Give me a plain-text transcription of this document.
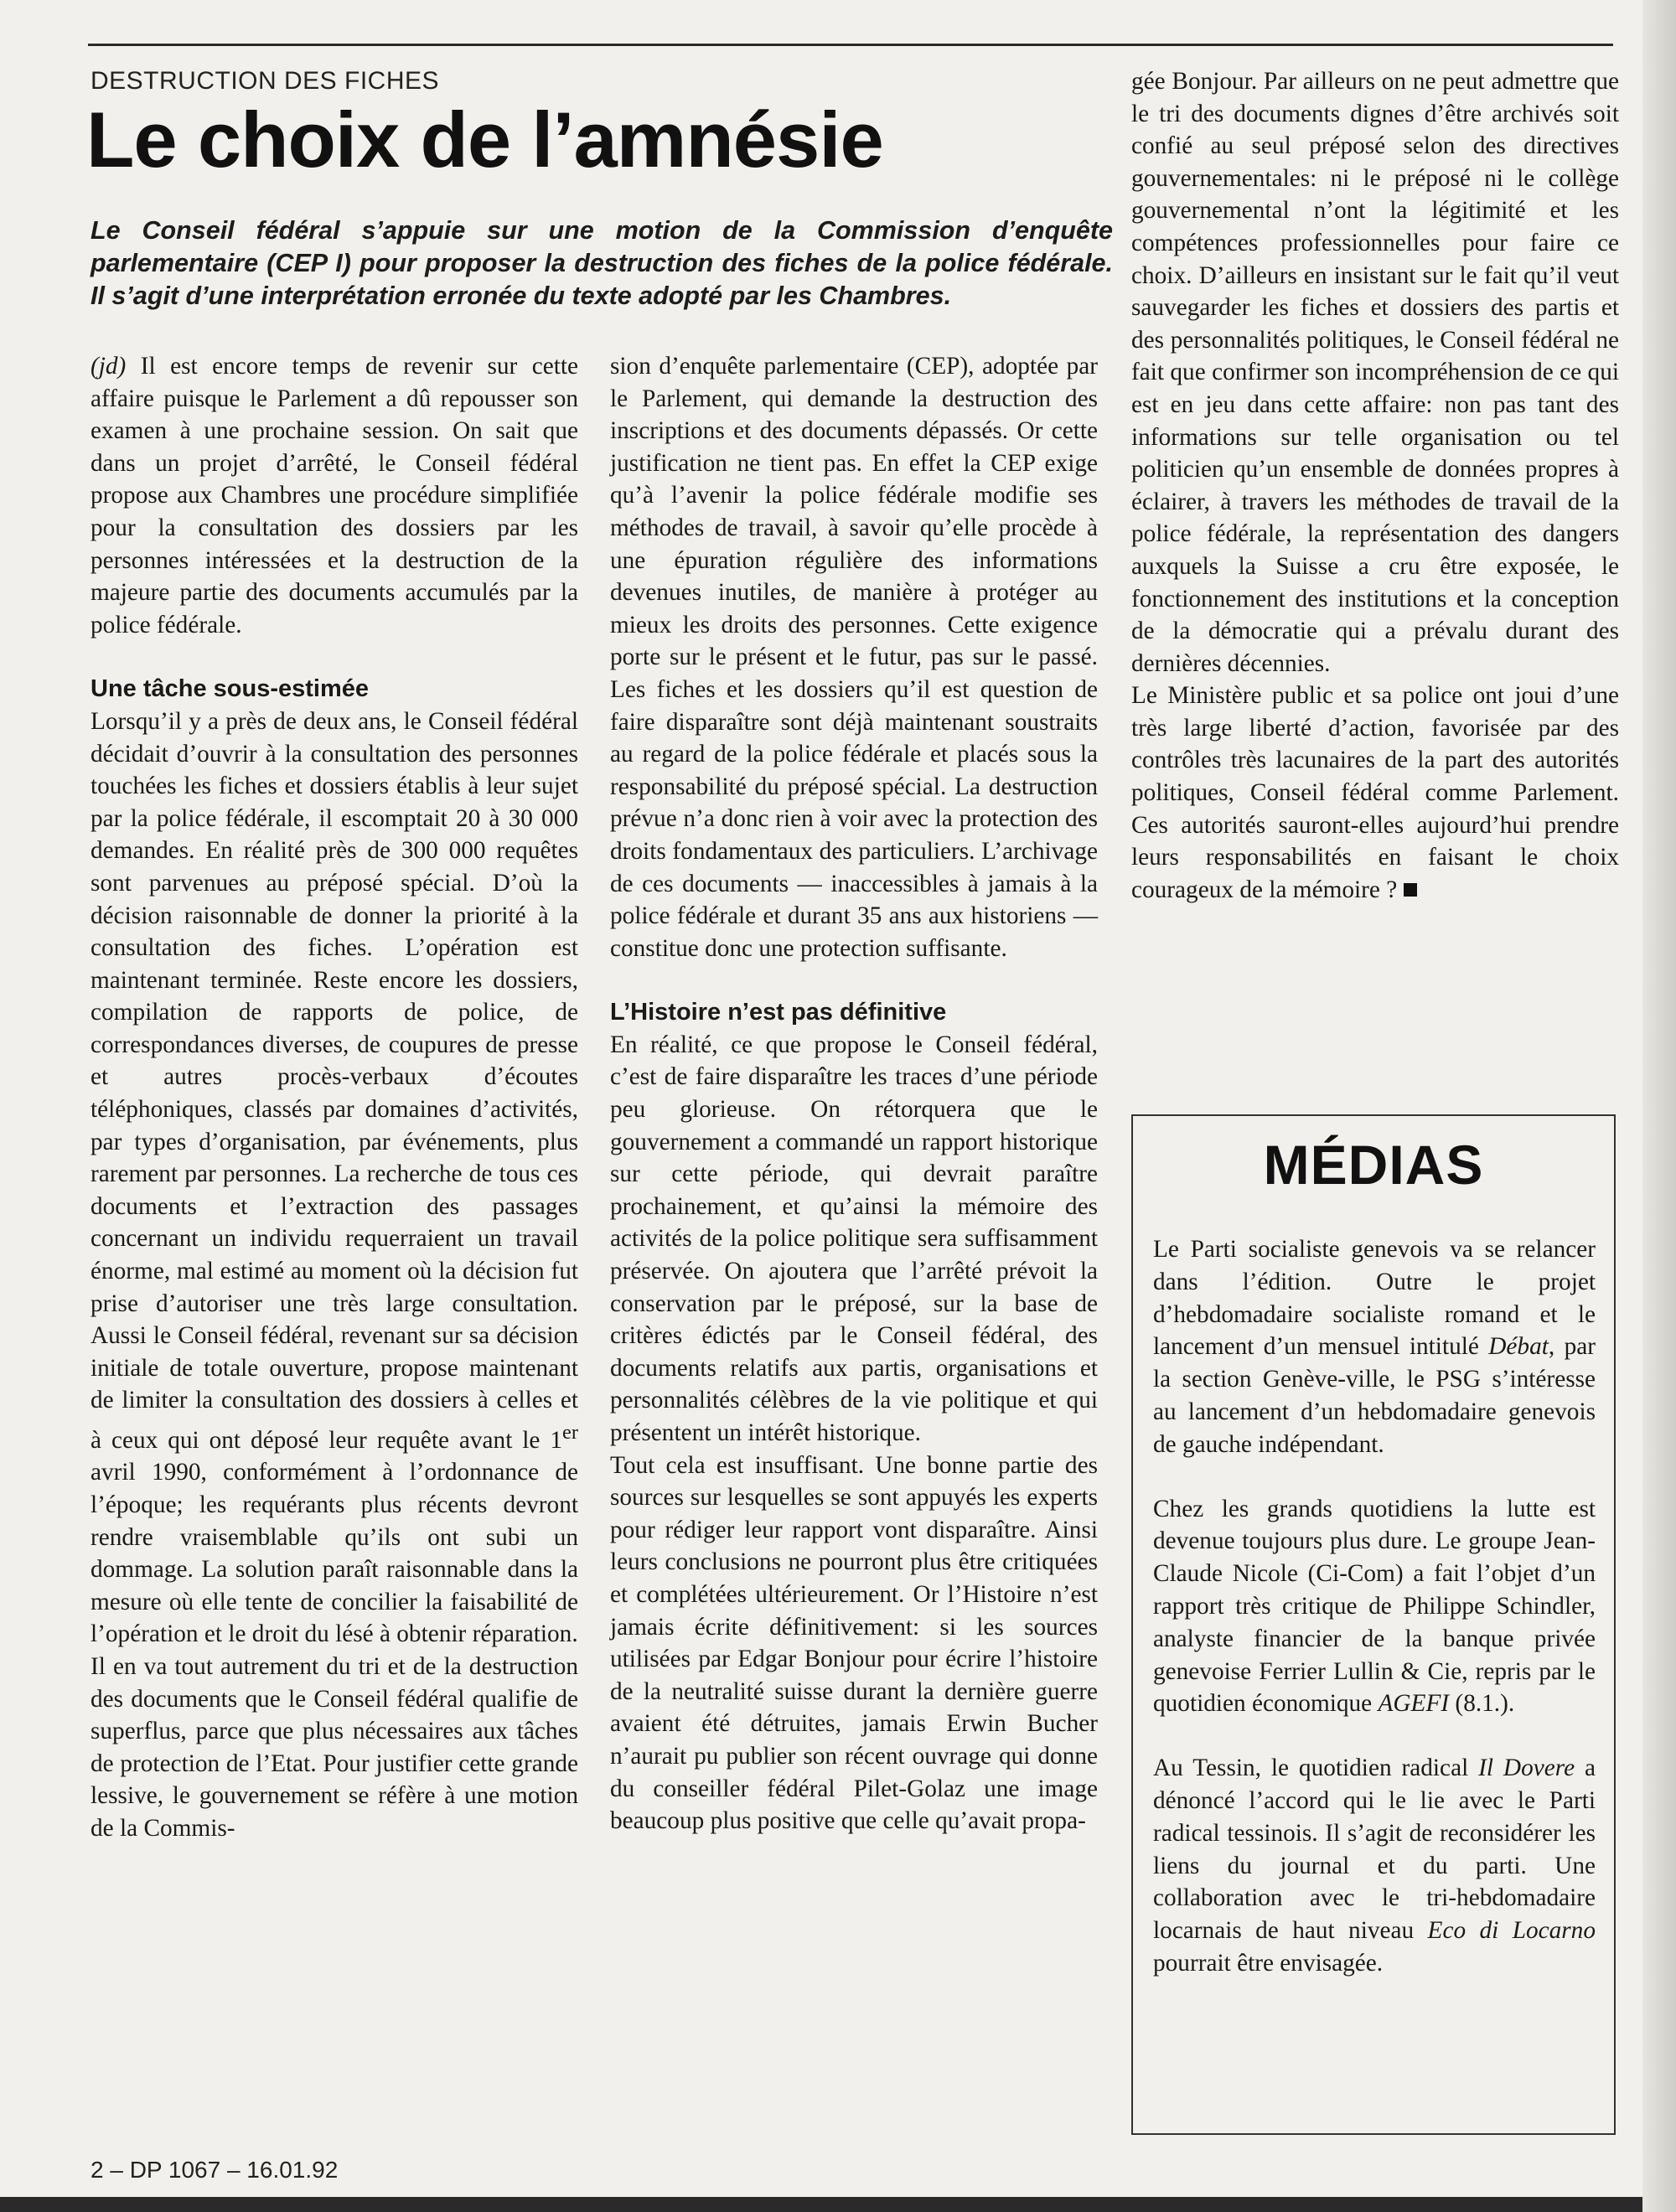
DESTRUCTION DES FICHES
Le choix de l’amnésie

Le Conseil fédéral s’appuie sur une motion de la Commission d’enquête parlementaire (CEP I) pour proposer la destruction des fiches de la police fédérale. Il s’agit d’une interprétation erronée du texte adopté par les Chambres.

(jd) Il est encore temps de revenir sur cette affaire puisque le Parlement a dû repousser son examen à une prochaine session. On sait que dans un projet d’arrêté, le Conseil fédéral propose aux Chambres une procédure simplifiée pour la consultation des dossiers par les personnes intéressées et la destruction de la majeure partie des documents accumulés par la police fédérale.

Une tâche sous-estimée

Lorsqu’il y a près de deux ans, le Conseil fédéral décidait d’ouvrir à la consultation des personnes touchées les fiches et dossiers établis à leur sujet par la police fédérale, il escomptait 20 à 30 000 demandes. En réalité près de 300 000 requêtes sont parvenues au préposé spécial. D’où la décision raisonnable de donner la priorité à la consultation des fiches. L’opération est maintenant terminée. Reste encore les dossiers, compilation de rapports de police, de correspondances diverses, de coupures de presse et autres procès-verbaux d’écoutes téléphoniques, classés par domaines d’activités, par types d’organisation, par événements, plus rarement par personnes. La recherche de tous ces documents et l’extraction des passages concernant un individu requerraient un travail énorme, mal estimé au moment où la décision fut prise d’autoriser une très large consultation. Aussi le Conseil fédéral, revenant sur sa décision initiale de totale ouverture, propose maintenant de limiter la consultation des dossiers à celles et à ceux qui ont déposé leur requête avant le 1er avril 1990, conformément à l’ordonnance de l’époque; les requérants plus récents devront rendre vraisemblable qu’ils ont subi un dommage. La solution paraît raisonnable dans la mesure où elle tente de concilier la faisabilité de l’opération et le droit du lésé à obtenir réparation.

Il en va tout autrement du tri et de la destruction des documents que le Conseil fédéral qualifie de superflus, parce que plus nécessaires aux tâches de protection de l’Etat. Pour justifier cette grande lessive, le gouvernement se réfère à une motion de la Commis-

sion d’enquête parlementaire (CEP), adoptée par le Parlement, qui demande la destruction des inscriptions et des documents dépassés. Or cette justification ne tient pas. En effet la CEP exige qu’à l’avenir la police fédérale modifie ses méthodes de travail, à savoir qu’elle procède à une épuration régulière des informations devenues inutiles, de manière à protéger au mieux les droits des personnes. Cette exigence porte sur le présent et le futur, pas sur le passé. Les fiches et les dossiers qu’il est question de faire disparaître sont déjà maintenant soustraits au regard de la police fédérale et placés sous la responsabilité du préposé spécial. La destruction prévue n’a donc rien à voir avec la protection des droits fondamentaux des particuliers. L’archivage de ces documents — inaccessibles à jamais à la police fédérale et durant 35 ans aux historiens — constitue donc une protection suffisante.

L’Histoire n’est pas définitive

En réalité, ce que propose le Conseil fédéral, c’est de faire disparaître les traces d’une période peu glorieuse. On rétorquera que le gouvernement a commandé un rapport historique sur cette période, qui devrait paraître prochainement, et qu’ainsi la mémoire des activités de la police politique sera suffisamment préservée. On ajoutera que l’arrêté prévoit la conservation par le préposé, sur la base de critères édictés par le Conseil fédéral, des documents relatifs aux partis, organisations et personnalités célèbres de la vie politique et qui présentent un intérêt historique.

Tout cela est insuffisant. Une bonne partie des sources sur lesquelles se sont appuyés les experts pour rédiger leur rapport vont disparaître. Ainsi leurs conclusions ne pourront plus être critiquées et complétées ultérieurement. Or l’Histoire n’est jamais écrite définitivement: si les sources utilisées par Edgar Bonjour pour écrire l’histoire de la neutralité suisse durant la dernière guerre avaient été détruites, jamais Erwin Bucher n’aurait pu publier son récent ouvrage qui donne du conseiller fédéral Pilet-Golaz une image beaucoup plus positive que celle qu’avait propa-

gée Bonjour. Par ailleurs on ne peut admettre que le tri des documents dignes d’être archivés soit confié au seul préposé selon des directives gouvernementales: ni le préposé ni le collège gouvernemental n’ont la légitimité et les compétences professionnelles pour faire ce choix. D’ailleurs en insistant sur le fait qu’il veut sauvegarder les fiches et dossiers des partis et des personnalités politiques, le Conseil fédéral ne fait que confirmer son incompréhension de ce qui est en jeu dans cette affaire: non pas tant des informations sur telle organisation ou tel politicien qu’un ensemble de données propres à éclairer, à travers les méthodes de travail de la police fédérale, la représentation des dangers auxquels la Suisse a cru être exposée, le fonctionnement des institutions et la conception de la démocratie qui a prévalu durant des dernières décennies.

Le Ministère public et sa police ont joui d’une très large liberté d’action, favorisée par des contrôles très lacunaires de la part des autorités politiques, Conseil fédéral comme Parlement. Ces autorités sauront-elles aujourd’hui prendre leurs responsabilités en faisant le choix courageux de la mémoire ?

MÉDIAS

Le Parti socialiste genevois va se relancer dans l’édition. Outre le projet d’hebdomadaire socialiste romand et le lancement d’un mensuel intitulé Débat, par la section Genève-ville, le PSG s’intéresse au lancement d’un hebdomadaire genevois de gauche indépendant.

Chez les grands quotidiens la lutte est devenue toujours plus dure. Le groupe Jean-Claude Nicole (Ci-Com) a fait l’objet d’un rapport très critique de Philippe Schindler, analyste financier de la banque privée genevoise Ferrier Lullin & Cie, repris par le quotidien économique AGEFI (8.1.).

Au Tessin, le quotidien radical Il Dovere a dénoncé l’accord qui le lie avec le Parti radical tessinois. Il s’agit de reconsidérer les liens du journal et du parti. Une collaboration avec le tri-hebdomadaire locarnais de haut niveau Eco di Locarno pourrait être envisagée.

2 – DP 1067 – 16.01.92
